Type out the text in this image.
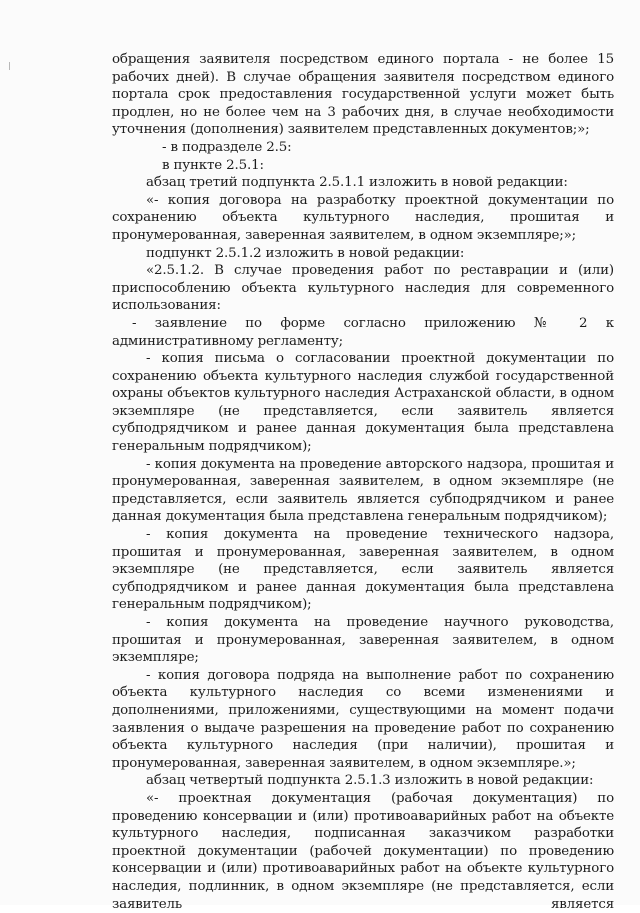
обращения заявителя посредством единого портала - не более 15 рабочих дней). В случае обращения заявителя посредством единого портала срок предоставления государственной услуги может быть продлен, но не более чем на 3 рабочих дня, в случае необходимости уточнения (дополнения) заявителем представленных документов;»;

- в подразделе 2.5:

в пункте 2.5.1:

абзац третий подпункта 2.5.1.1 изложить в новой редакции:

«- копия договора на разработку проектной документации по сохранению объекта культурного наследия, прошитая и пронумерованная, заверенная заявителем, в одном экземпляре;»;

подпункт 2.5.1.2 изложить в новой редакции:

«2.5.1.2. В случае проведения работ по реставрации и (или) приспособлению объекта культурного наследия для современного использования:

- заявление по форме согласно приложению № 2 к административному регламенту;

- копия письма о согласовании проектной документации по сохранению объекта культурного наследия службой государственной охраны объектов культурного наследия Астраханской области, в одном экземпляре (не представляется, если заявитель является субподрядчиком и ранее данная документация была представлена генеральным подрядчиком);

- копия документа на проведение авторского надзора, прошитая и пронумерованная, заверенная заявителем, в одном экземпляре (не представляется, если заявитель является субподрядчиком и ранее данная документация была представлена генеральным подрядчиком);

- копия документа на проведение технического надзора, прошитая и пронумерованная, заверенная заявителем, в одном экземпляре (не представляется, если заявитель является субподрядчиком и ранее данная документация была представлена генеральным подрядчиком);

- копия документа на проведение научного руководства, прошитая и пронумерованная, заверенная заявителем, в одном экземпляре;

- копия договора подряда на выполнение работ по сохранению объекта культурного наследия со всеми изменениями и дополнениями, приложениями, существующими на момент подачи заявления о выдаче разрешения на проведение работ по сохранению объекта культурного наследия (при наличии), прошитая и пронумерованная, заверенная заявителем, в одном экземпляре.»;

абзац четвертый подпункта 2.5.1.3 изложить в новой редакции:

«- проектная документация (рабочая документация) по проведению консервации и (или) противоаварийных работ на объекте культурного наследия, подписанная заказчиком разработки проектной документации (рабочей документации) по проведению консервации и (или) противоаварийных работ на объекте культурного наследия, подлинник, в одном экземпляре (не представляется, если заявитель является
